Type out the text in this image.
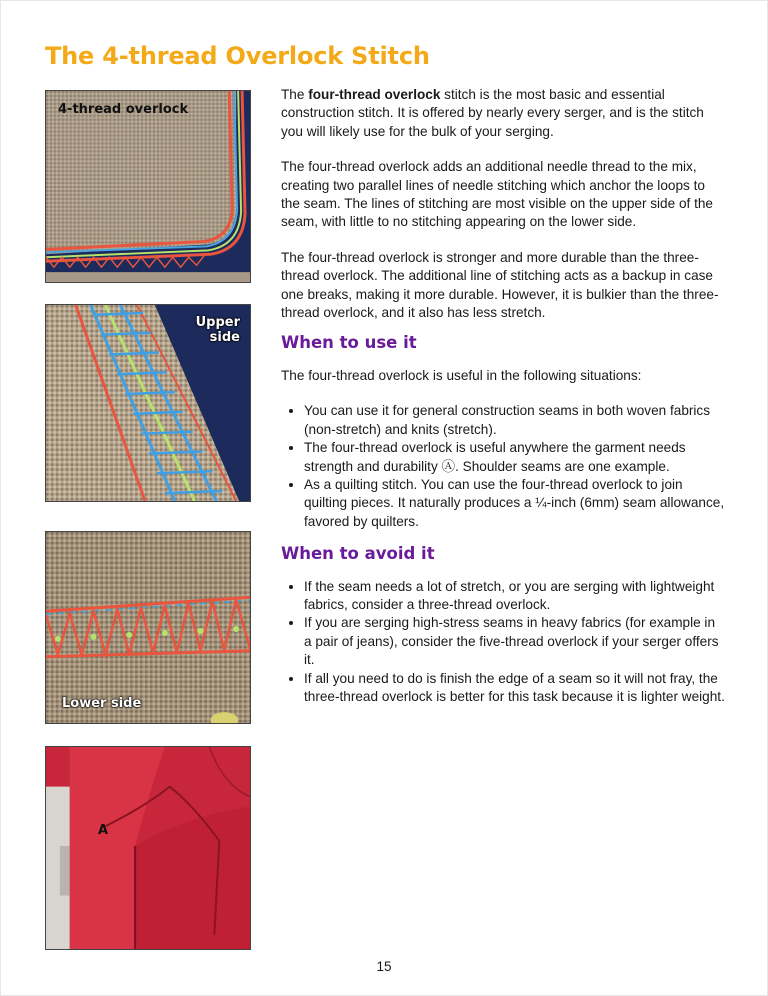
The 4-thread Overlock Stitch
4-thread overlock
Upper
side
Lower side
A

The four-thread overlock stitch is the most basic and essential construction stitch. It is offered by nearly every serger, and is the stitch you will likely use for the bulk of your serging.

The four-thread overlock adds an additional needle thread to the mix, creating two parallel lines of needle stitching which anchor the loops to the seam. The lines of stitching are most visible on the upper side of the seam, with little to no stitching appearing on the lower side.

The four-thread overlock is stronger and more durable than the three-thread overlock. The additional line of stitching acts as a backup in case one breaks, making it more durable. However, it is bulkier than the three-thread overlock, and it also has less stretch.

When to use it

The four-thread overlock is useful in the following situations:

• You can use it for general construction seams in both woven fabrics (non-stretch) and knits (stretch).
• The four-thread overlock is useful anywhere the garment needs strength and durability Ⓐ. Shoulder seams are one example.
• As a quilting stitch. You can use the four-thread overlock to join quilting pieces. It naturally produces a ¼-inch (6mm) seam allowance, favored by quilters.
When to avoid it
• If the seam needs a lot of stretch, or you are serging with lightweight fabrics, consider a three-thread overlock.
• If you are serging high-stress seams in heavy fabrics (for example in a pair of jeans), consider the five-thread overlock if your serger offers it.
• If all you need to do is finish the edge of a seam so it will not fray, the three-thread overlock is better for this task because it is lighter weight.
15
